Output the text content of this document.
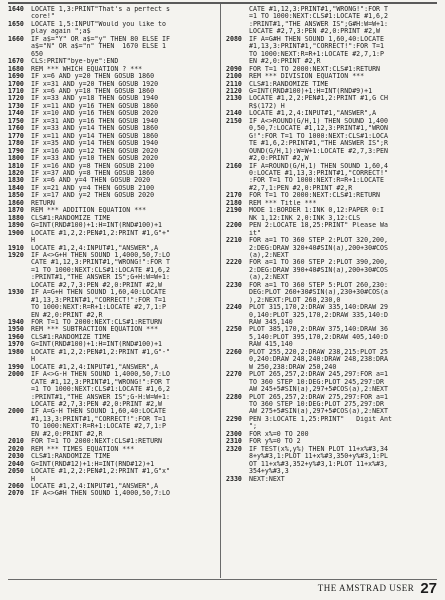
1640	LOCATE 1,3:PRINT"That's a perfect s
core!"
1650	LOCATE 1,5:INPUT"Would you like to
play again ";a$
1660	IF a$="Y" OR a$="y" THEN 80 ELSE IF
a$="N" OR a$="n" THEN  1670 ELSE 1
650
1670	CLS:PRINT"bye-bye":END
1680	REM *** WHICH EQUATION ? ***
1690	IF x=6 AND y=20 THEN GOSUB 1860
1700	IF x=31 AND y=20 THEN GOSUB 1920
1710	IF x=6 AND y=18 THEN GOSUB 1860
1720	IF x=33 AND y=18 THEN GOSUB 1940
1730	IF x=11 AND y=16 THEN GOSUB 1860
1740	IF x=10 AND y=16 THEN GOSUB 2020
1750	IF x=31 AND y=16 THEN GOSUB 1940
1760	IF x=33 AND y=14 THEN GOSUB 1860
1770	IF x=11 AND y=14 THEN GOSUB 1860
1780	IF x=35 AND y=14 THEN GOSUB 1940
1790	IF x=16 AND y=12 THEN GOSUB 2020
1800	IF x=33 AND y=10 THEN GOSUB 2020
1810	IF x=16 AND y=8 THEN GOSUB 2100
1820	IF x=37 AND y=8 THEN GOSUB 1860
1830	IF x=6 AND y=4 THEN GOSUB 2020
1840	IF x=21 AND y=4 THEN GOSUB 2100
1850	IF x=17 AND y=2 THEN GOSUB 2020
1860	RETURN
1870	REM *** ADDITION EQUATION ***
1880	CLS#1:RANDOMIZE TIME
1890	G=INT(RND#100)+1:H=INT(RND#100)+1
1900	LOCATE #1,2,2:PEN#1,2:PRINT #1,G"+"
H
1910	LOCATE #1,2,4:INPUT#1,"ANSWER",A
1920	IF A<>G+H THEN SOUND 1,4000,50,7:LO
CATE #1,12,3:PRINT#1,"WRONG!":FOR T
=1 TO 1000:NEXT:CLS#1:LOCATE #1,6,2
:PRINT#1,"THE ANSWER IS";G+H:W=W+1:
LOCATE #2,7,3:PEN #2,0:PRINT #2,W
1930	IF A=G+H THEN SOUND 1,60,40:LOCATE
#1,13,3:PRINT#1,"CORRECT!":FOR T=1
TO 1000:NEXT:R=R+1:LOCATE #2,7,1:P
EN #2,0:PRINT #2,R
1940	FOR T=1 TO 2000:NEXT:CLS#1:RETURN
1950	REM *** SUBTRACTION EQUATION ***
1960	CLS#1:RANDOMIZE TIME
1970	G=INT(RND#100)+1:H=INT(RND#100)+1
1980	LOCATE #1,2,2:PEN#1,2:PRINT #1,G"-"
H
1990	LOCATE #1,2,4:INPUT#1,"ANSWER",A
2000	IF A<>G-H THEN SOUND 1,4000,50,7:LO
CATE #1,12,3:PRINT#1,"WRONG!":FOR T
=1 TO 1000:NEXT:CLS#1:LOCATE #1,6,2
:PRINT#1,"THE ANSWER IS";G-H:W=W+1:
LOCATE #2,7,3:PEN #2,0:PRINT #2,W
2000	IF A=G-H THEN SOUND 1,60,40:LOCATE
#1,13,3:PRINT#1,"CORRECT!":FOR T=1
TO 1000:NEXT:R=R+1:LOCATE #2,7,1:P
EN #2,0:PRINT #2,R
2010	FOR T=1 TO 2000:NEXT:CLS#1:RETURN
2020	REM *** TIMES EQUATION ***
2030	CLS#1:RANDOMIZE TIME
2040	G=INT(RND#12)+1:H=INT(RND#12)+1
2050	LOCATE #1,2,2:PEN#1,2:PRINT #1,G"x"
H
2060	LOCATE #1,2,4:INPUT#1,"ANSWER",A
2070	IF A<>G#H THEN SOUND 1,4000,50,7:LO
CATE #1,12,3:PRINT#1,"WRONG!":FOR T
=1 TO 1000:NEXT:CLS#1:LOCATE #1,6,2
:PRINT#1,"THE ANSWER IS";G#H:W=W+1:
LOCATE #2,7,3:PEN #2,0:PRINT #2,W
2080	IF A=G#H THEN SOUND 1,60,40:LOCATE
#1,13,3:PRINT#1,"CORRECT!":FOR T=1
TO 1000:NEXT:R=R+1:LOCATE #2,7,1:P
EN #2,0:PRINT #2,R
2090	FOR T=1 TO 2000:NEXT:CLS#1:RETURN
2100	REM *** DIVISION EQUATION ***
2110	CLS#1:RANDOMIZE TIME
2120	G=INT(RND#100)+1:H=INT(RND#9)+1
2130	LOCATE #1,2,2:PEN#1,2:PRINT #1,G CH
R$(172) H
2140	LOCATE #1,2,4:INPUT#1,"ANSWER",A
2150	IF A<>ROUND(G/H,1) THEN SOUND 1,400
0,50,7:LOCATE #1,12,3:PRINT#1,"WRON
G!":FOR T=1 TO 1000:NEXT:CLS#1:LOCA
TE #1,6,2:PRINT#1,"THE ANSWER IS";R
OUND(G/H,1):W=W+1:LOCATE #2,7,3:PEN
#2,0:PRINT #2,W
2160	IF A=ROUND(G/H,1) THEN SOUND 1,60,4
0:LOCATE #1,13,3:PRINT#1,"CORRECT!"
:FOR T=1 TO 1000:NEXT:R=R+1:LOCATE
#2,7,1:PEN #2,0:PRINT #2,R
2170	FOR T=1 TO 2000:NEXT:CLS#1:RETURN
2180	REM *** Title ***
2190	MODE 1:BORDER 1:INK 0,12:PAPER 0:I
NK 1,12:INK 2,0:INK 3,12:CLS
2200	PEN 2:LOCATE 18,25:PRINT" Please Wa
it"
2210	FOR a=1 TO 360 STEP 2:PLOT 320,200,
2:DEG:DRAW 320+40#SIN(a),200+30#COS
(a),2:NEXT
2220	FOR a=1 TO 360 STEP 2:PLOT 390,200,
2:DEG:DRAW 390+40#SIN(a),200+30#COS
(a),2:NEXT
2230	FOR a=1 TO 360 STEP 5:PLOT 260,230:
DEG:PLOT 260+30#SIN(a),230+30#COS(a
),2:NEXT:PLOT 260,230,0
2240	PLOT 315,170,2:DRAW 335,140:DRAW 29
0,140:PLOT 325,170,2:DRAW 335,140:D
RAW 345,140
2250	PLOT 385,170,2:DRAW 375,140:DRAW 36
5,140:PLOT 395,170,2:DRAW 405,140:D
RAW 415,140
2260	PLOT 255,220,2:DRAW 238,215:PLOT 25
0,240:DRAW 248,240:DRAW 248,238:DRA
W 250,238:DRAW 250,240
2270	PLOT 265,257,2:DRAW 245,297:FOR a=1
TO 360 STEP 10:DEG:PLOT 245,297:DR
AW 245+5#SIN(a),297+5#COS(a),2:NEXT
2280	PLOT 265,257,2:DRAW 275,297:FOR a=1
TO 360 STEP 10:DEG:PLOT 275,297:DR
AW 275+5#SIN(a),297+5#COS(a),2:NEXT
2290	PEN 3:LOCATE 1,25:PRINT"   Digit Ant
";
2300	FOR x%=0 TO 200
2310	FOR y%=0 TO 2
2320	IF TEST(x%,y%) THEN PLOT 11+x%#3,34
8+y%#3,1:PLOT 11+x%#3,350+y%#3,1:PL
OT 11+x%#3,352+y%#3,1:PLOT 11+x%#3,
354+y%#3,3
2330	NEXT:NEXT
THE AMSTRAD USER 27
